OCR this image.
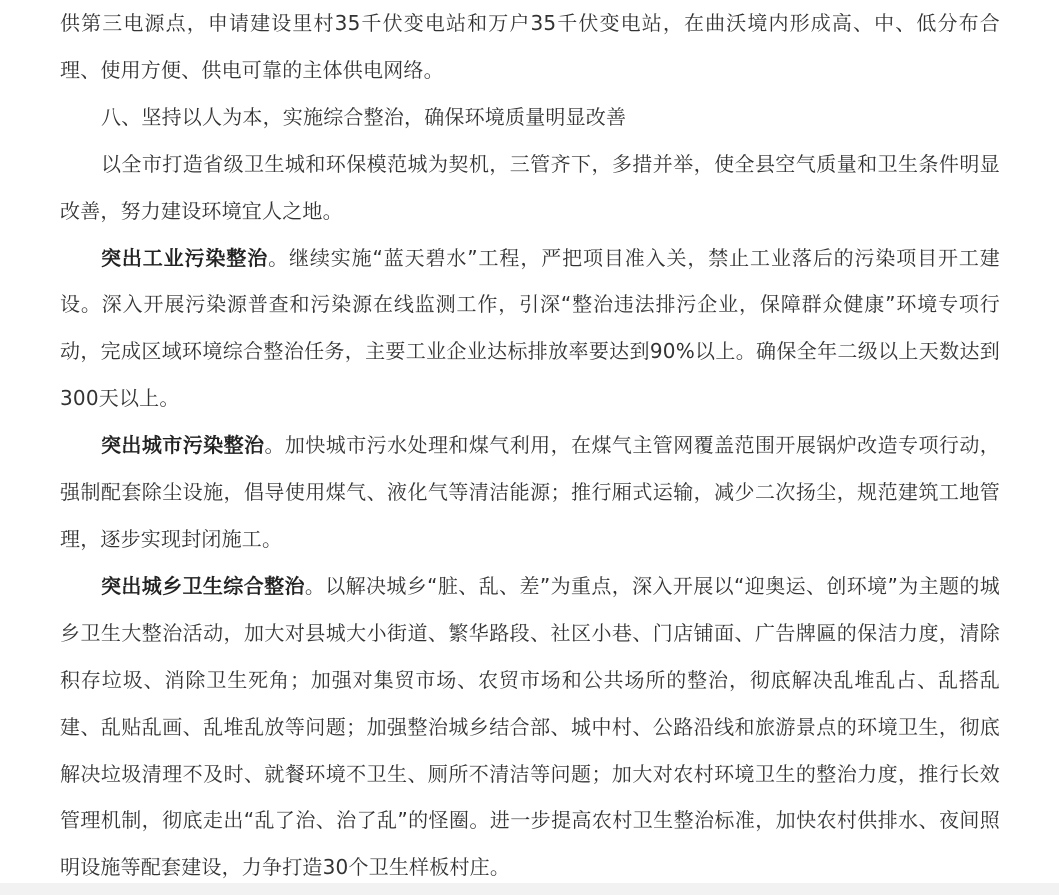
供第三电源点，申请建设里村35千伏变电站和万户35千伏变电站，在曲沃境内形成高、中、低分布合理、使用方便、供电可靠的主体供电网络。

八、坚持以人为本，实施综合整治，确保环境质量明显改善

以全市打造省级卫生城和环保模范城为契机，三管齐下，多措并举，使全县空气质量和卫生条件明显改善，努力建设环境宜人之地。

突出工业污染整治。继续实施“蓝天碧水”工程，严把项目准入关，禁止工业落后的污染项目开工建设。深入开展污染源普查和污染源在线监测工作，引深“整治违法排污企业，保障群众健康”环境专项行动，完成区域环境综合整治任务，主要工业企业达标排放率要达到90%以上。确保全年二级以上天数达到300天以上。

突出城市污染整治。加快城市污水处理和煤气利用，在煤气主管网覆盖范围开展锅炉改造专项行动，强制配套除尘设施，倡导使用煤气、液化气等清洁能源；推行厢式运输，减少二次扬尘，规范建筑工地管理，逐步实现封闭施工。

突出城乡卫生综合整治。以解决城乡“脏、乱、差”为重点，深入开展以“迎奥运、创环境”为主题的城乡卫生大整治活动，加大对县城大小街道、繁华路段、社区小巷、门店铺面、广告牌匾的保洁力度，清除积存垃圾、消除卫生死角；加强对集贸市场、农贸市场和公共场所的整治，彻底解决乱堆乱占、乱搭乱建、乱贴乱画、乱堆乱放等问题；加强整治城乡结合部、城中村、公路沿线和旅游景点的环境卫生，彻底解决垃圾清理不及时、就餐环境不卫生、厕所不清洁等问题；加大对农村环境卫生的整治力度，推行长效管理机制，彻底走出“乱了治、治了乱”的怪圈。进一步提高农村卫生整治标准，加快农村供排水、夜间照明设施等配套建设，力争打造30个卫生样板村庄。
